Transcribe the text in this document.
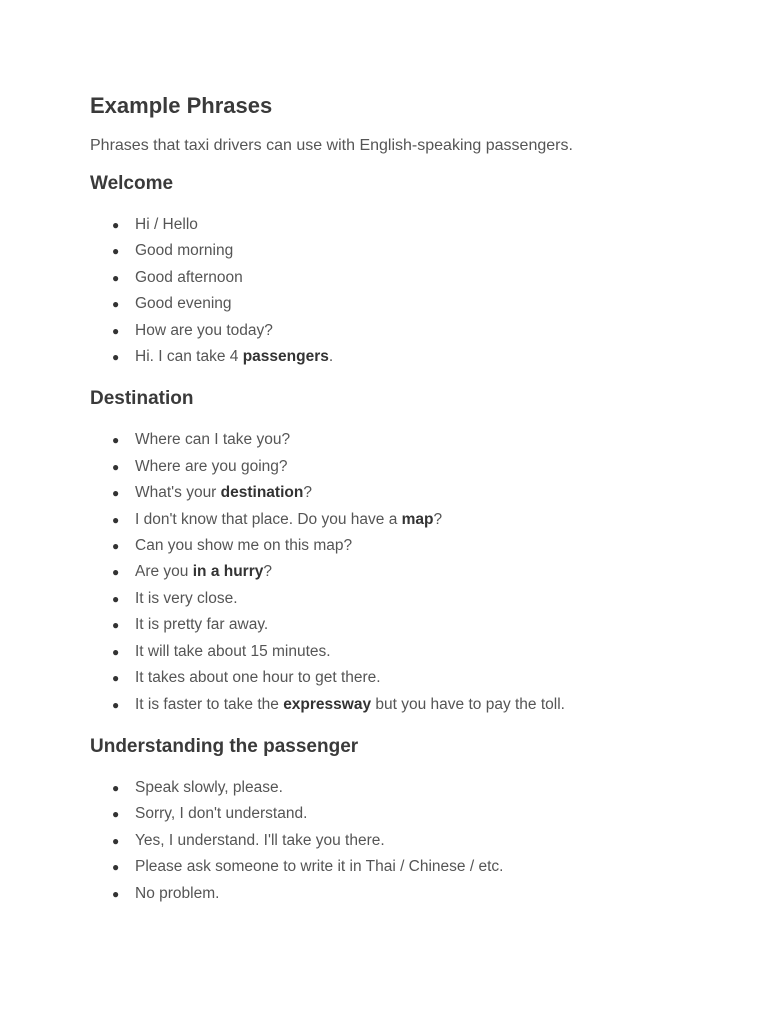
Example Phrases

Phrases that taxi drivers can use with English-speaking passengers.

Welcome
● Hi / Hello
● Good morning
● Good afternoon
● Good evening
● How are you today?
● Hi. I can take 4 passengers.
Destination
● Where can I take you?
● Where are you going?
● What's your destination?
● I don't know that place. Do you have a map?
● Can you show me on this map?
● Are you in a hurry?
● It is very close.
● It is pretty far away.
● It will take about 15 minutes.
● It takes about one hour to get there.
● It is faster to take the expressway but you have to pay the toll.
Understanding the passenger
● Speak slowly, please.
● Sorry, I don't understand.
● Yes, I understand. I'll take you there.
● Please ask someone to write it in Thai / Chinese / etc.
● No problem.
